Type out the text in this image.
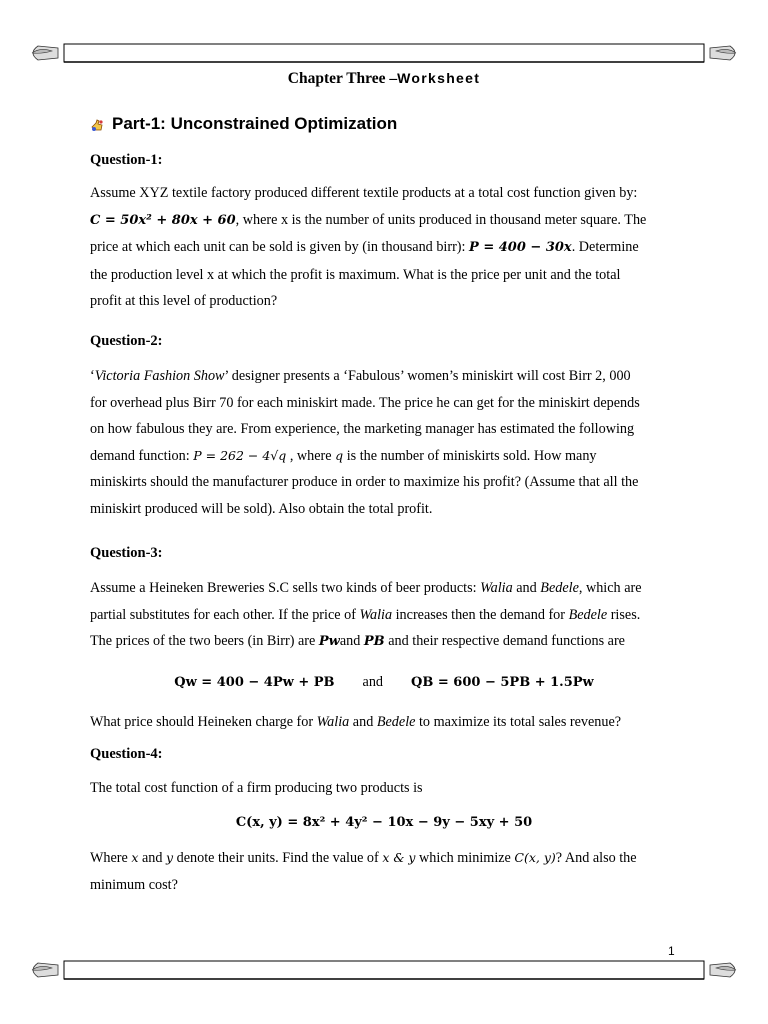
Chapter Three –Worksheet
Part-1: Unconstrained Optimization
Question-1:
Assume XYZ textile factory produced different textile products at a total cost function given by:
C = 50x² + 80x + 60, where x is the number of units produced in thousand meter square. The
price at which each unit can be sold is given by (in thousand birr): P = 400 − 30x. Determine
the production level x at which the profit is maximum. What is the price per unit and the total
profit at this level of production?
Question-2:
‘Victoria Fashion Show’ designer presents a ‘Fabulous’ women’s miniskirt will cost Birr 2, 000
for overhead plus Birr 70 for each miniskirt made. The price he can get for the miniskirt depends
on how fabulous they are. From experience, the marketing manager has estimated the following
demand function: P = 262 − 4√q , where q is the number of miniskirts sold. How many
miniskirts should the manufacturer produce in order to maximize his profit? (Assume that all the
miniskirt produced will be sold). Also obtain the total profit.
Question-3:
Assume a Heineken Breweries S.C sells two kinds of beer products: Walia and Bedele, which are
partial substitutes for each other. If the price of Walia increases then the demand for Bedele rises.
The prices of the two beers (in Birr) are Pwand PB and their respective demand functions are
Qw = 400 − 4Pw + PB and QB = 600 − 5PB + 1.5Pw
What price should Heineken charge for Walia and Bedele to maximize its total sales revenue?
Question-4:
The total cost function of a firm producing two products is
C(x, y) = 8x² + 4y² − 10x − 9y − 5xy + 50
Where x and y denote their units. Find the value of x & y which minimize C(x, y)? And also the
minimum cost?
1
